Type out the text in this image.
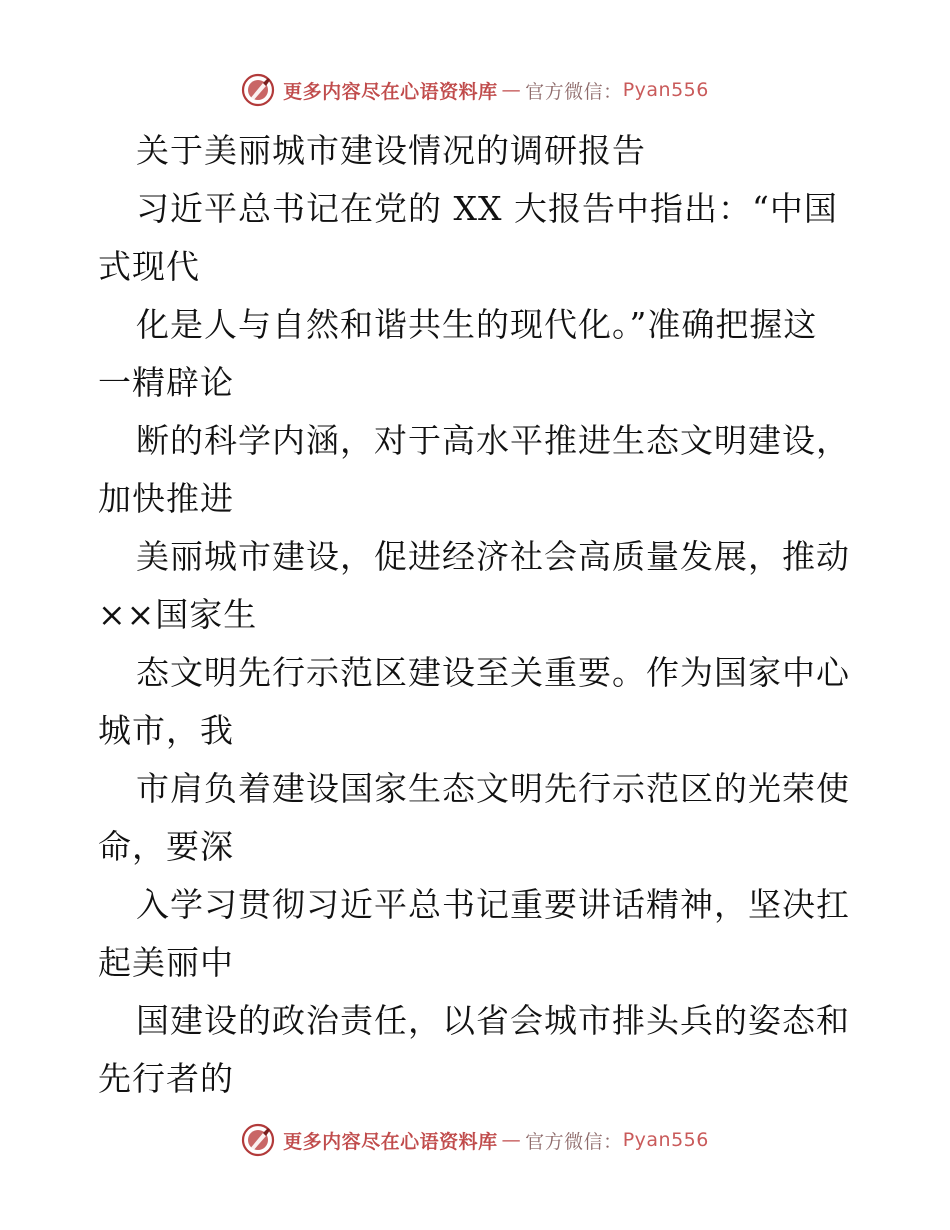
更多内容尽在心语资料库 — 官方微信： Pyan556
关于美丽城市建设情况的调研报告
习近平总书记在党的 XX 大报告中指出：“中国
式现代
化是人与自然和谐共生的现代化。”准确把握这
一精辟论
断的科学内涵，对于高水平推进生态文明建设，
加快推进
美丽城市建设，促进经济社会高质量发展，推动
××国家生
态文明先行示范区建设至关重要。作为国家中心
城市，我
市肩负着建设国家生态文明先行示范区的光荣使
命，要深
入学习贯彻习近平总书记重要讲话精神，坚决扛
起美丽中
国建设的政治责任，以省会城市排头兵的姿态和
先行者的
更多内容尽在心语资料库 — 官方微信： Pyan556
